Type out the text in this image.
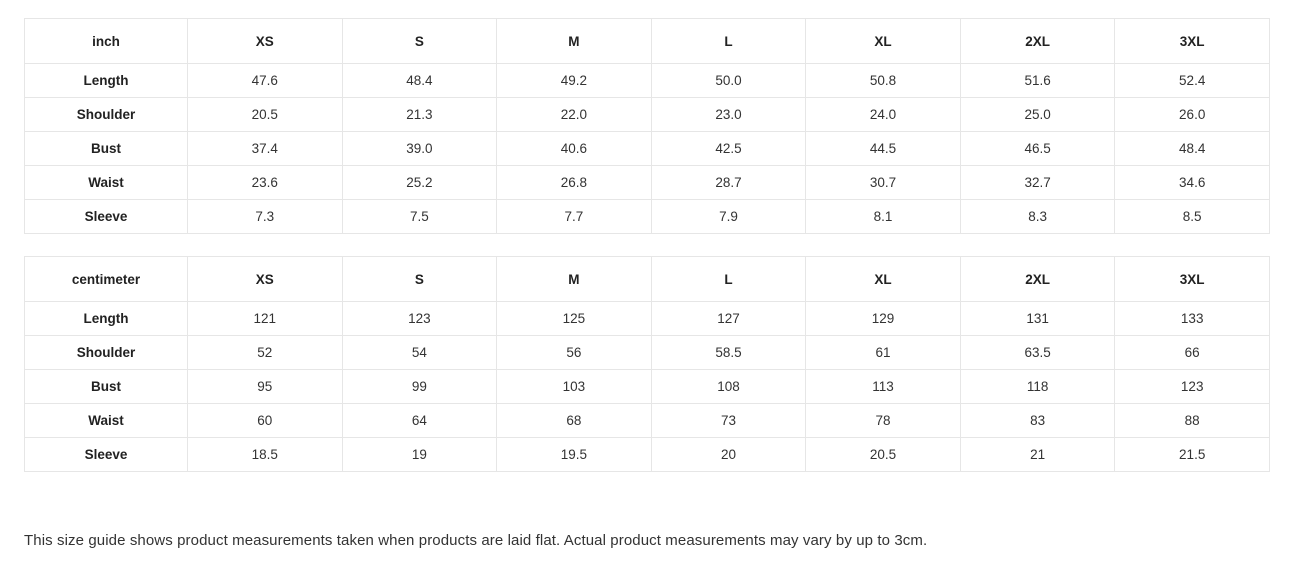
inch	XS	S	M	L	XL	2XL	3XL
Length	47.6	48.4	49.2	50.0	50.8	51.6	52.4
Shoulder	20.5	21.3	22.0	23.0	24.0	25.0	26.0
Bust	37.4	39.0	40.6	42.5	44.5	46.5	48.4
Waist	23.6	25.2	26.8	28.7	30.7	32.7	34.6
Sleeve	7.3	7.5	7.7	7.9	8.1	8.3	8.5
centimeter	XS	S	M	L	XL	2XL	3XL
Length	121	123	125	127	129	131	133
Shoulder	52	54	56	58.5	61	63.5	66
Bust	95	99	103	108	113	118	123
Waist	60	64	68	73	78	83	88
Sleeve	18.5	19	19.5	20	20.5	21	21.5
This size guide shows product measurements taken when products are laid flat. Actual product measurements may vary by up to 3cm.
